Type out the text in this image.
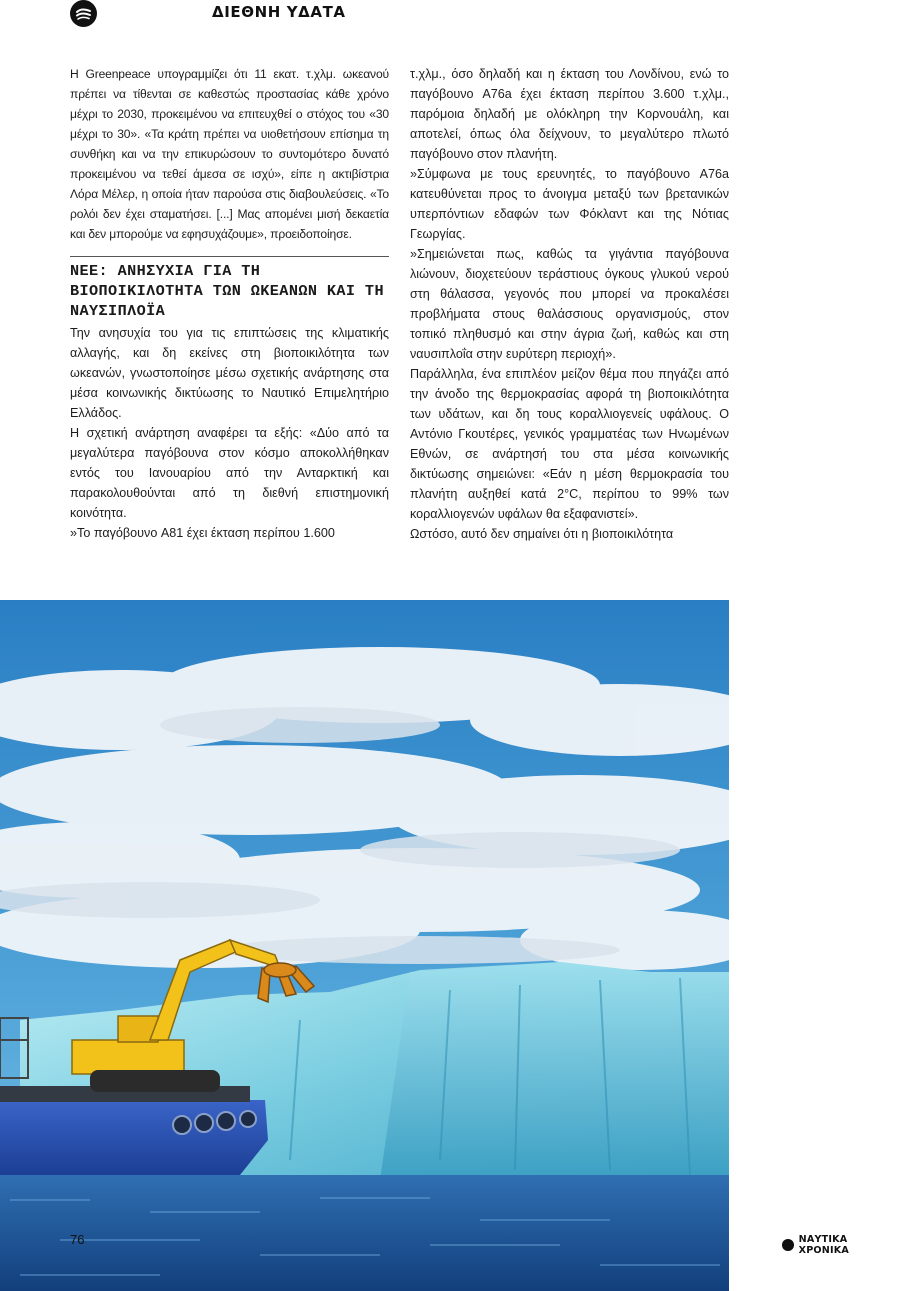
ΔΙΕΘΝΗ ΥΔΑΤΑ

Η Greenpeace υπογραμμίζει ότι 11 εκατ. τ.χλμ. ωκεανού πρέπει να τίθενται σε καθεστώς προστασίας κάθε χρόνο μέχρι το 2030, προκειμένου να επιτευχθεί ο στόχος του «30 μέχρι το 30». «Τα κράτη πρέπει να υιοθετήσουν επίσημα τη συνθήκη και να την επικυρώσουν το συντομότερο δυνατό προκειμένου να τεθεί άμεσα σε ισχύ», είπε η ακτιβίστρια Λόρα Μέλερ, η οποία ήταν παρούσα στις διαβουλεύσεις. «Το ρολόι δεν έχει σταματήσει. [...] Μας απομένει μισή δεκαετία και δεν μπορούμε να εφησυχάζουμε», προειδοποίησε.

ΝΕΕ: ΑΝΗΣΥΧΙΑ ΓΙΑ ΤΗ ΒΙΟΠΟΙΚΙΛΟΤΗΤΑ ΤΩΝ ΩΚΕΑΝΩΝ ΚΑΙ ΤΗ ΝΑΥΣΙΠΛΟΪΑ

Την ανησυχία του για τις επιπτώσεις της κλιματικής αλλαγής, και δη εκείνες στη βιοποικιλότητα των ωκεανών, γνωστοποίησε μέσω σχετικής ανάρτησης στα μέσα κοινωνικής δικτύωσης το Ναυτικό Επιμελητήριο Ελλάδος.

Η σχετική ανάρτηση αναφέρει τα εξής: «Δύο από τα μεγαλύτερα παγόβουνα στον κόσμο αποκολλήθηκαν εντός του Ιανουαρίου από την Ανταρκτική και παρακολουθούνται από τη διεθνή επιστημονική κοινότητα.

»Το παγόβουνο A81 έχει έκταση περίπου 1.600

τ.χλμ., όσο δηλαδή και η έκταση του Λονδίνου, ενώ το παγόβουνο A76a έχει έκταση περίπου 3.600 τ.χλμ., παρόμοια δηλαδή με ολόκληρη την Κορνουάλη, και αποτελεί, όπως όλα δείχνουν, το μεγαλύτερο πλωτό παγόβουνο στον πλανήτη.

»Σύμφωνα με τους ερευνητές, το παγόβουνο A76a κατευθύνεται προς το άνοιγμα μεταξύ των βρετανικών υπερπόντιων εδαφών των Φόκλαντ και της Νότιας Γεωργίας.

»Σημειώνεται πως, καθώς τα γιγάντια παγόβουνα λιώνουν, διοχετεύουν τεράστιους όγκους γλυκού νερού στη θάλασσα, γεγονός που μπορεί να προκαλέσει προβλήματα στους θαλάσσιους οργανισμούς, στον τοπικό πληθυσμό και στην άγρια ζωή, καθώς και στη ναυσιπλοΐα στην ευρύτερη περιοχή».

Παράλληλα, ένα επιπλέον μείζον θέμα που πηγάζει από την άνοδο της θερμοκρασίας αφορά τη βιοποικιλότητα των υδάτων, και δη τους κοραλλιογενείς υφάλους. Ο Αντόνιο Γκουτέρες, γενικός γραμματέας των Ηνωμένων Εθνών, σε ανάρτησή του στα μέσα κοινωνικής δικτύωσης σημειώνει: «Εάν η μέση θερμοκρασία του πλανήτη αυξηθεί κατά 2°C, περίπου το 99% των κοραλλιογενών υφάλων θα εξαφανιστεί».

Ωστόσο, αυτό δεν σημαίνει ότι η βιοποικιλότητα

76	ΝΑΥΤΙΚΑ ΧΡΟΝΙΚΑ
